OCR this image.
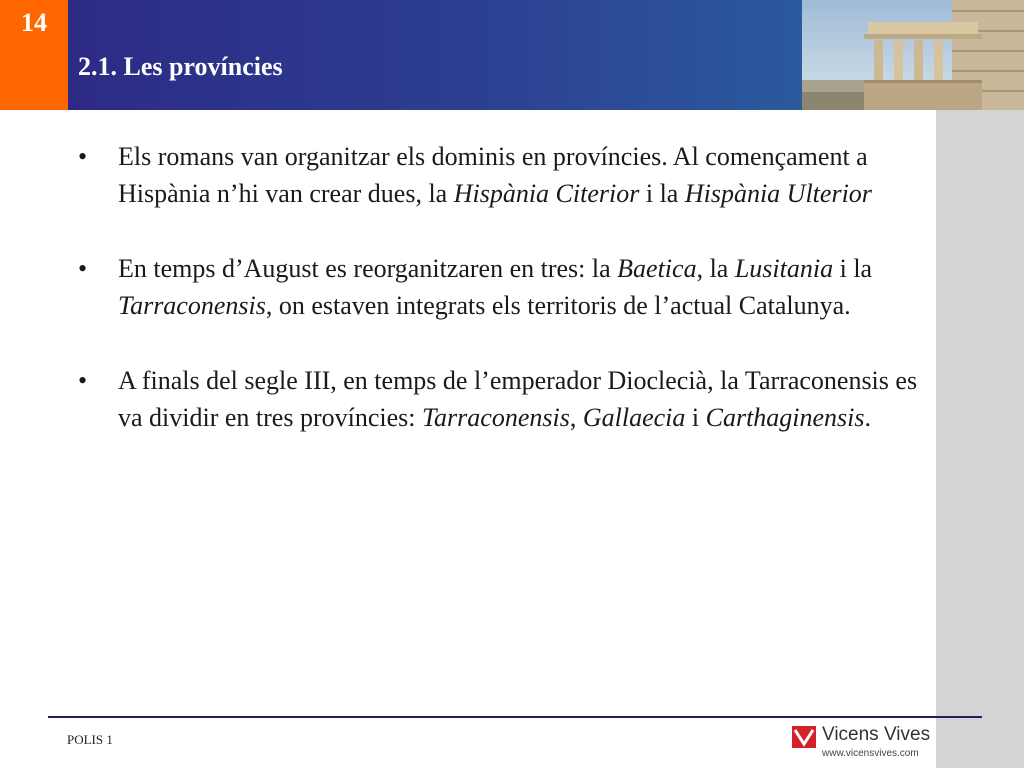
14
2.1. Les províncies
• Els romans van organitzar els dominis en províncies. Al començament a Hispània n’hi van crear dues, la Hispània Citerior i la Hispània Ulterior
• En temps d’August es reorganitzaren en tres: la Baetica, la Lusitania i la Tarraconensis, on estaven integrats els territoris de l’actual Catalunya.
• A finals del segle III, en temps de l’emperador Dioclecià, la Tarraconensis es va dividir en tres províncies: Tarraconensis, Gallaecia i Carthaginensis.
POLIS 1	Vicens Vives
www.vicensvives.com
